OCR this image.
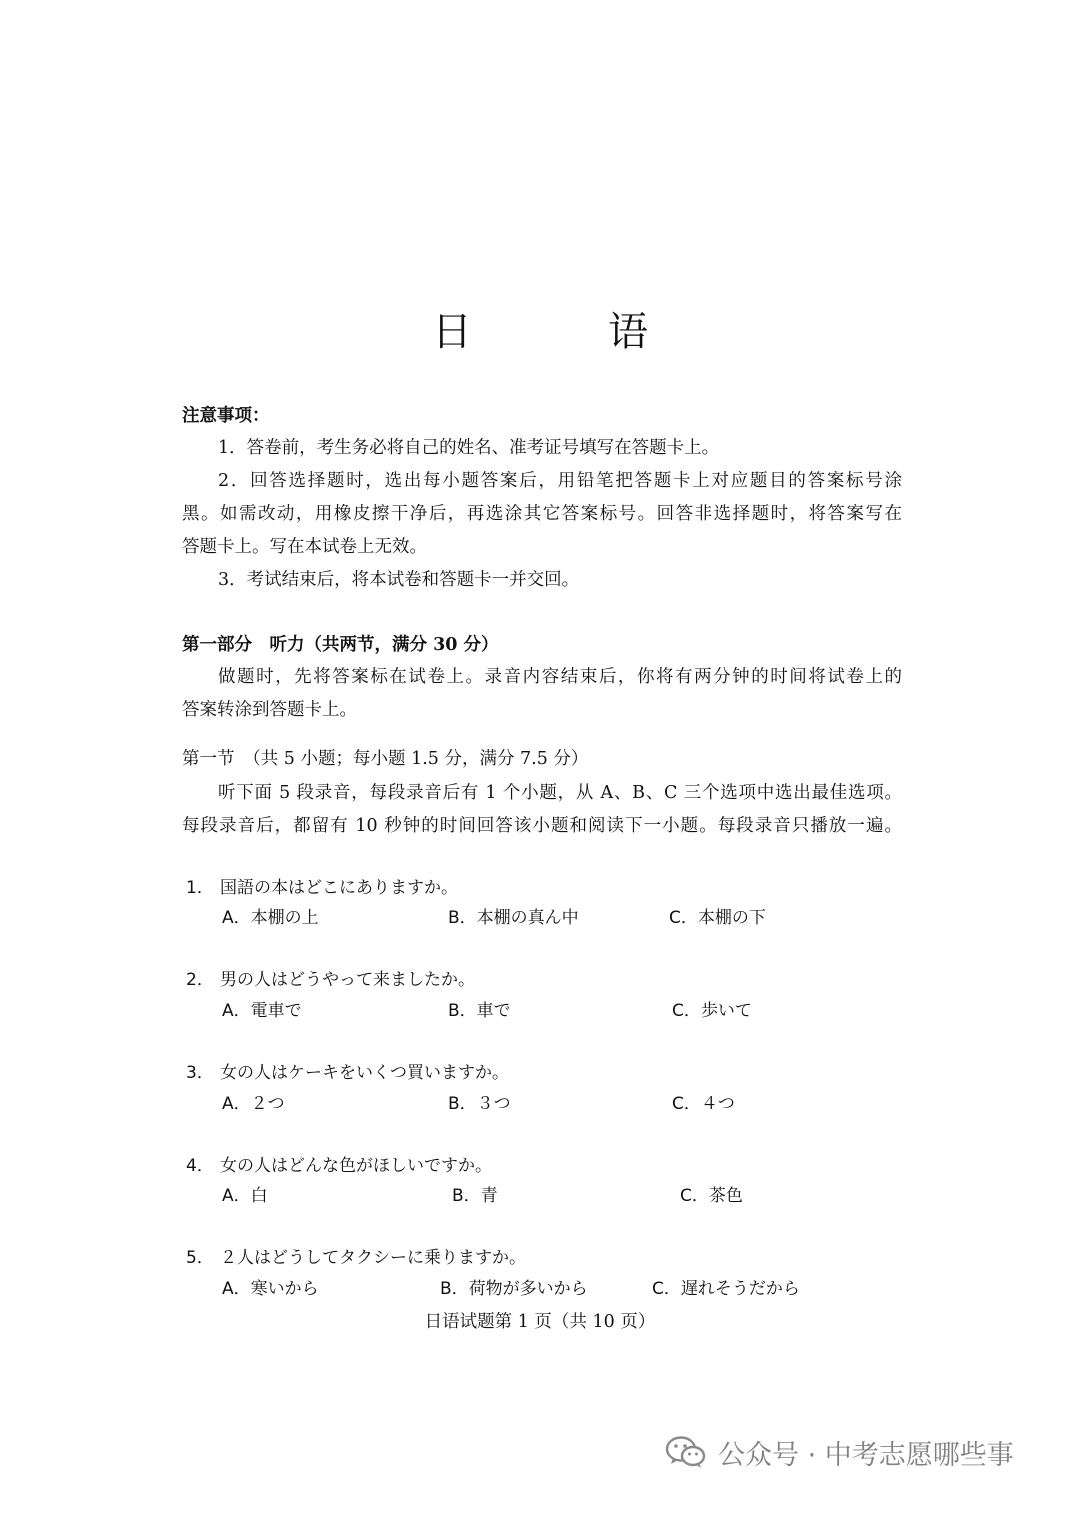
日　语
注意事项：
1．答卷前，考生务必将自己的姓名、准考证号填写在答题卡上。
2．回答选择题时，选出每小题答案后，用铅笔把答题卡上对应题目的答案标号涂
黑。如需改动，用橡皮擦干净后，再选涂其它答案标号。回答非选择题时，将答案写在
答题卡上。写在本试卷上无效。
3．考试结束后，将本试卷和答题卡一并交回。
第一部分　听力（共两节，满分 30 分）
做题时，先将答案标在试卷上。录音内容结束后，你将有两分钟的时间将试卷上的
答案转涂到答题卡上。
第一节　（共 5 小题；每小题 1.5 分，满分 7.5 分）
听下面 5 段录音，每段录音后有 1 个小题，从 A、B、C 三个选项中选出最佳选项。
每段录音后，都留有 10 秒钟的时间回答该小题和阅读下一小题。每段录音只播放一遍。
1． 国語の本はどこにありますか。
A．本棚の上	B．本棚の真ん中	C．本棚の下
2． 男の人はどうやって来ましたか。
A．電車で	B．車で	C．歩いて
3． 女の人はケーキをいくつ買いますか。
A．２つ	B．３つ	C．４つ
4． 女の人はどんな色がほしいですか。
A．白	B．青	C．茶色
5． ２人はどうしてタクシーに乗りますか。
A．寒いから	B．荷物が多いから	C．遅れそうだから
日语试题第 1 页（共 10 页）
公众号 · 中考志愿哪些事
